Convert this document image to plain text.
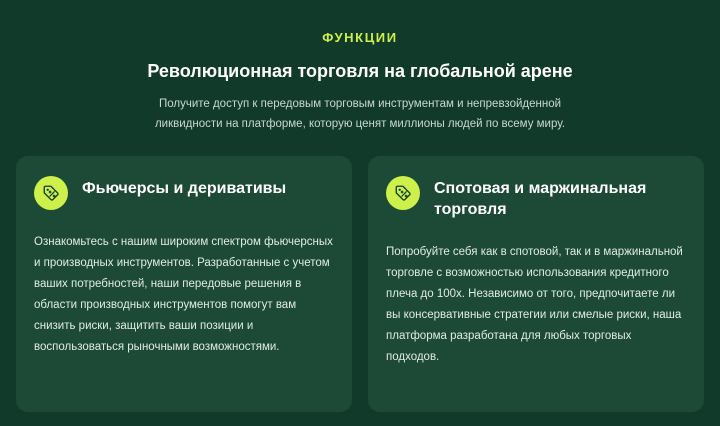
ФУНКЦИИ
Революционная торговля на глобальной арене

Получите доступ к передовым торговым инструментам и непревзойденной ликвидности на платформе, которую ценят миллионы людей по всему миру.

Фьючерсы и деривативы

Ознакомьтесь с нашим широким спектром фьючерсных и производных инструментов. Разработанные с учетом ваших потребностей, наши передовые решения в области производных инструментов помогут вам снизить риски, защитить ваши позиции и воспользоваться рыночными возможностями.

Спотовая и маржинальная торговля

Попробуйте себя как в спотовой, так и в маржинальной торговле с возможностью использования кредитного плеча до 100x. Независимо от того, предпочитаете ли вы консервативные стратегии или смелые риски, наша платформа разработана для любых торговых подходов.
